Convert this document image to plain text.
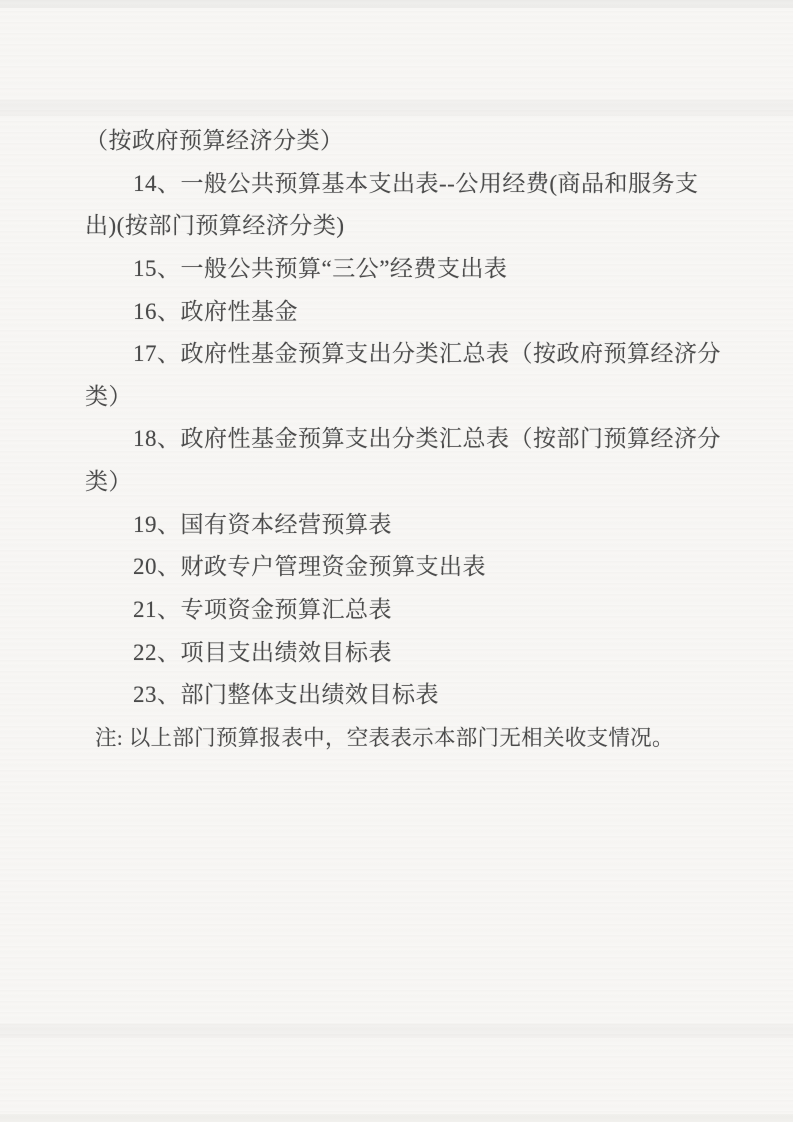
（按政府预算经济分类）
14、一般公共预算基本支出表--公用经费(商品和服务支
出)(按部门预算经济分类)
15、一般公共预算“三公”经费支出表
16、政府性基金
17、政府性基金预算支出分类汇总表（按政府预算经济分
类）
18、政府性基金预算支出分类汇总表（按部门预算经济分
类）
19、国有资本经营预算表
20、财政专户管理资金预算支出表
21、专项资金预算汇总表
22、项目支出绩效目标表
23、部门整体支出绩效目标表
注: 以上部门预算报表中，空表表示本部门无相关收支情况。
